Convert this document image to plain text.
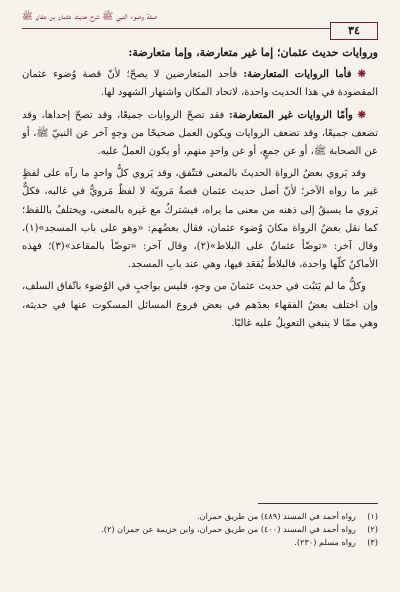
صفة وضوء النبي ﷺ شرح حديث عثمان بن عفان ﷺ
٣٤

وروايات حديث عثمان؛ إما غير متعارضة، وإما متعارضة:

❋ فأما الروايات المتعارضة: فأحد المتعارضين لا يصحّ؛ لأنّ قصة وُضوء عثمان المقصودة في هذا الحديث واحدة، لاتحاد المكان واشتهار الشهود لها.

❋ وأمّا الروايات غير المتعارضة: فقد تصحّ الروايات جميعًا، وقد تصحّ إحداها، وقد تضعف جميعًا، وقد تضعف الروايات ويكون العمل صحيحًا من وجهٍ آخر عن النبيّ ﷺ، أو عن الصحابة ﷺ، أو عن جمعٍ، أو عن واحدٍ منهم، أو يكون العملُ عليه.

وقد يَروي بعضُ الرواة الحديثَ بالمعنى فتتّفق، وقد يَروي كلُّ واحدٍ ما رآه على لفظٍ غير ما رواه الآخر؛ لأنّ أصل حديث عثمان قصةٌ مَرويّة لا لفظٌ مَرويٌّ في غالبه، فكلٌّ يَروي ما يسبقُ إلى ذهنه من معنى ما يراه، فيشتركُ مع غيره بالمعنى، ويختلفُ باللفظ؛ كما نقل بعضُ الرواة مكانَ وُضوء عثمان، فقال بعضُهم: «وهو على باب المسجد»(١)، وقال آخر: «توضّأ عثمانُ على البلاط»(٢)، وقال آخر: «توضّأ بالمقاعد»(٣)؛ فهذه الأماكنُ كلّها واحدة، فالبلاطُ يُقعَد فيها، وهي عند بابِ المسجد.

وكلُّ ما لم يَثبُت في حديث عثمانَ من وجهٍ، فليس بواجبٍ في الوُضوء باتّفاق السلف، وإن اختلف بعضُ الفقهاء بعدَهم في بعض فروع المسائل المسكوت عنها في حديثه، وهي ممّا لا ينبغي التعويلُ عليه غالبًا.

(١)
رواه أحمد في المسند (٤٨٩) من طريق حمران.
(٢)
رواه أحمد في المسند (٤٠٠) من طريق حمران، وابن خزيمة عن حمران (٢).
(٣)
رواه مسلم (٢٣٠).
